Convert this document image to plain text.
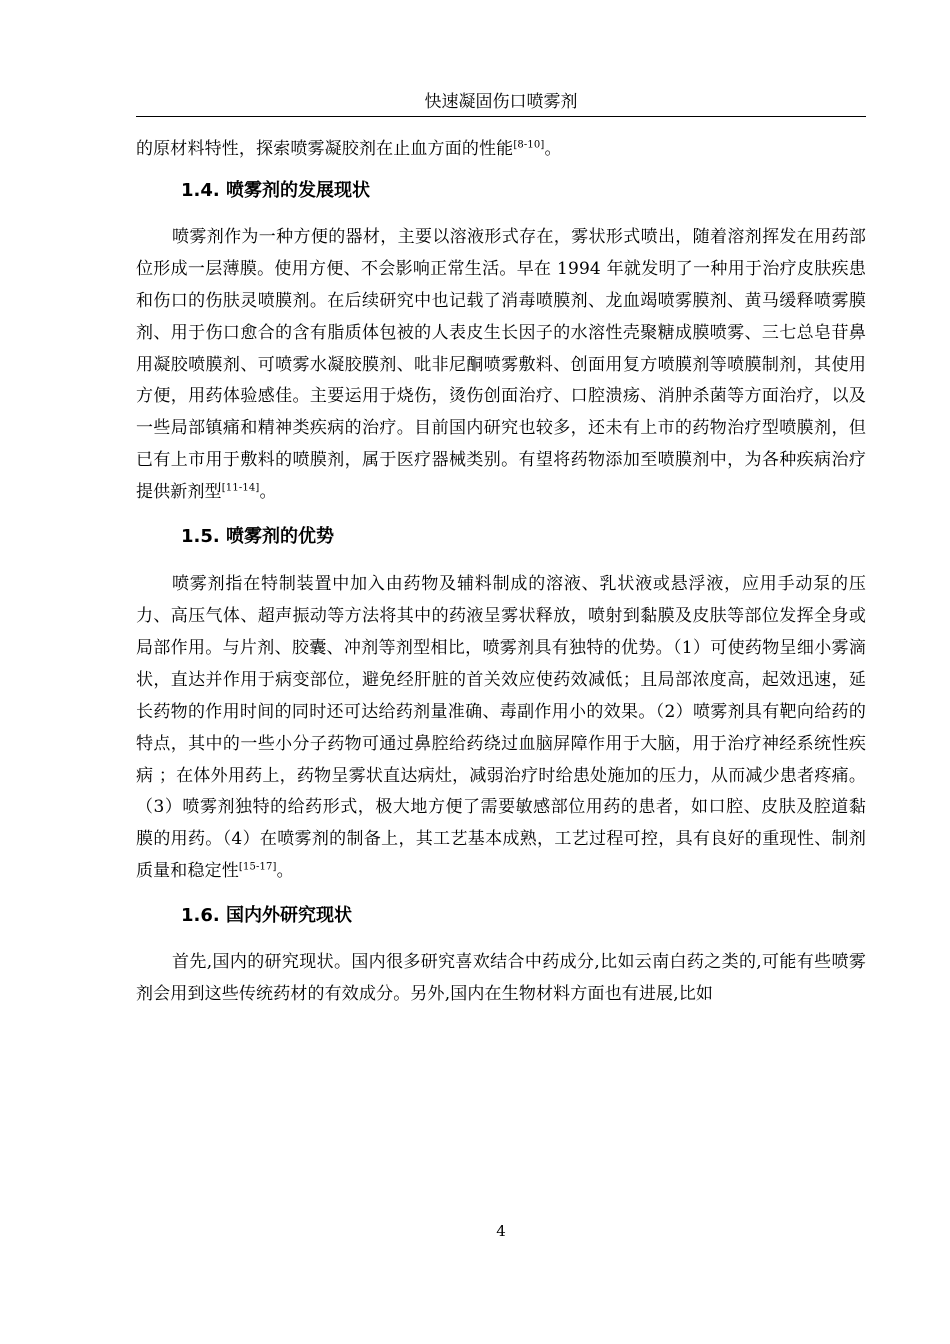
快速凝固伤口喷雾剂

的原材料特性，探索喷雾凝胶剂在止血方面的性能[8-10]。

1.4. 喷雾剂的发展现状

喷雾剂作为一种方便的器材，主要以溶液形式存在，雾状形式喷出，随着溶剂挥发在用药部位形成一层薄膜。使用方便、不会影响正常生活。早在 1994 年就发明了一种用于治疗皮肤疾患和伤口的伤肤灵喷膜剂。在后续研究中也记载了消毒喷膜剂、龙血竭喷雾膜剂、黄马缓释喷雾膜剂、用于伤口愈合的含有脂质体包被的人表皮生长因子的水溶性壳聚糖成膜喷雾、三七总皂苷鼻用凝胶喷膜剂、可喷雾水凝胶膜剂、吡非尼酮喷雾敷料、创面用复方喷膜剂等喷膜制剂，其使用方便，用药体验感佳。主要运用于烧伤，烫伤创面治疗、口腔溃疡、消肿杀菌等方面治疗，以及一些局部镇痛和精神类疾病的治疗。目前国内研究也较多，还未有上市的药物治疗型喷膜剂，但已有上市用于敷料的喷膜剂，属于医疗器械类别。有望将药物添加至喷膜剂中，为各种疾病治疗提供新剂型[11-14]。

1.5. 喷雾剂的优势

喷雾剂指在特制装置中加入由药物及辅料制成的溶液、乳状液或悬浮液，应用手动泵的压力、高压气体、超声振动等方法将其中的药液呈雾状释放，喷射到黏膜及皮肤等部位发挥全身或局部作用。与片剂、胶囊、冲剂等剂型相比，喷雾剂具有独特的优势。（1）可使药物呈细小雾滴状，直达并作用于病变部位，避免经肝脏的首关效应使药效减低；且局部浓度高，起效迅速，延长药物的作用时间的同时还可达给药剂量准确、毒副作用小的效果。（2）喷雾剂具有靶向给药的特点，其中的一些小分子药物可通过鼻腔给药绕过血脑屏障作用于大脑，用于治疗神经系统性疾病 ；在体外用药上，药物呈雾状直达病灶，减弱治疗时给患处施加的压力，从而减少患者疼痛。（3）喷雾剂独特的给药形式，极大地方便了需要敏感部位用药的患者，如口腔、皮肤及腔道黏膜的用药。（4）在喷雾剂的制备上，其工艺基本成熟，工艺过程可控，具有良好的重现性、制剂质量和稳定性[15-17]。

1.6. 国内外研究现状

首先,国内的研究现状。国内很多研究喜欢结合中药成分,比如云南白药之类的,可能有些喷雾剂会用到这些传统药材的有效成分。另外,国内在生物材料方面也有进展,比如

4
